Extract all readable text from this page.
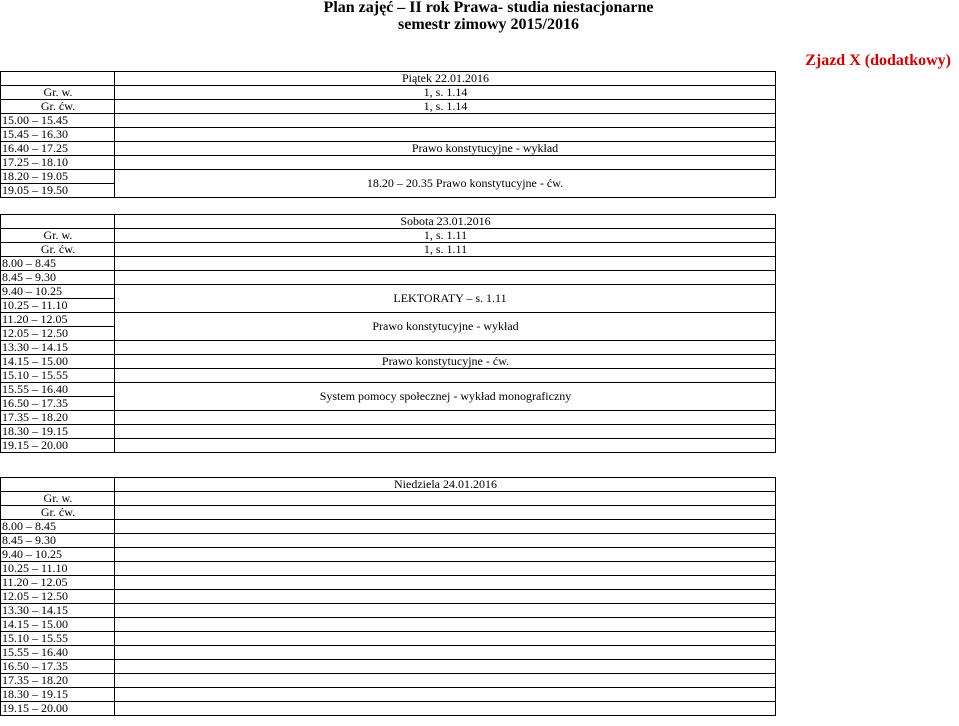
Plan zajęć – II rok Prawa- studia niestacjonarne
semestr zimowy 2015/2016
Zjazd X (dodatkowy)
	Piątek 22.01.2016
Gr. w.	1, s. 1.14
Gr. ćw.	1, s. 1.14
15.00 – 15.45	
15.45 – 16.30	
16.40 – 17.25	Prawo konstytucyjne - wykład
17.25 – 18.10	
18.20 – 19.05	18.20 – 20.35 Prawo konstytucyjne - ćw.
19.05 – 19.50	
	Sobota 23.01.2016
Gr. w.	1, s. 1.11
Gr. ćw.	1, s. 1.11
8.00 – 8.45	
8.45 – 9.30	
9.40 – 10.25	LEKTORATY – s. 1.11
10.25 – 11.10	
11.20 – 12.05	Prawo konstytucyjne - wykład
12.05 – 12.50	
13.30 – 14.15	
14.15 – 15.00	Prawo konstytucyjne - ćw.
15.10 – 15.55	
15.55 – 16.40	System pomocy społecznej - wykład monograficzny
16.50 – 17.35	
17.35 – 18.20	
18.30 – 19.15	
19.15 – 20.00	
	Niedziela 24.01.2016
Gr. w.	
Gr. ćw.	
8.00 – 8.45	
8.45 – 9.30	
9.40 – 10.25	
10.25 – 11.10	
11.20 – 12.05	
12.05 – 12.50	
13.30 – 14.15	
14.15 – 15.00	
15.10 – 15.55	
15.55 – 16.40	
16.50 – 17.35	
17.35 – 18.20	
18.30 – 19.15	
19.15 – 20.00	
